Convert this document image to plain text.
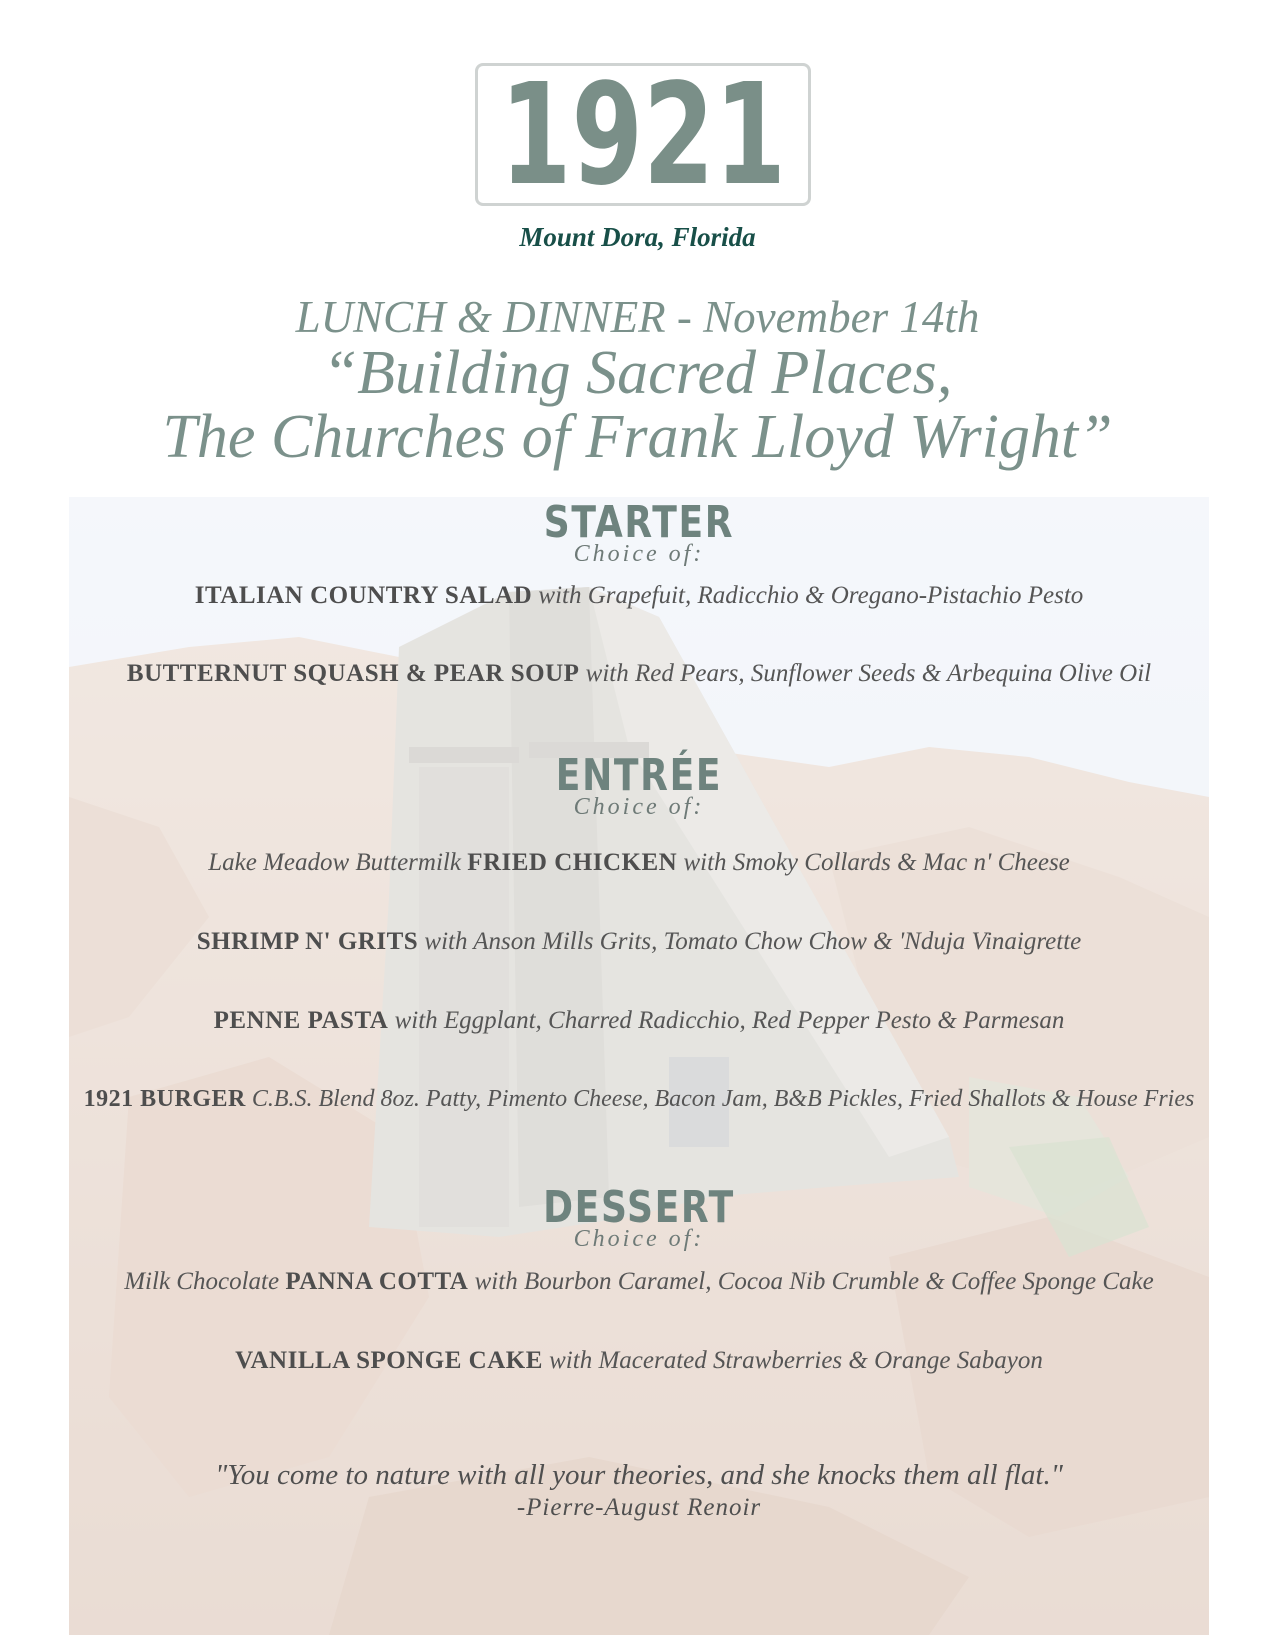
1921
Mount Dora, Florida
LUNCH & DINNER - November 14th
“Building Sacred Places,
The Churches of Frank Lloyd Wright”
STARTER
Choice of:
ITALIAN COUNTRY SALAD with Grapefuit, Radicchio & Oregano-Pistachio Pesto
BUTTERNUT SQUASH & PEAR SOUP with Red Pears, Sunflower Seeds & Arbequina Olive Oil
ENTRÉE
Choice of:
Lake Meadow Buttermilk FRIED CHICKEN with Smoky Collards & Mac n' Cheese
SHRIMP N' GRITS with Anson Mills Grits, Tomato Chow Chow & 'Nduja Vinaigrette
PENNE PASTA with Eggplant, Charred Radicchio, Red Pepper Pesto & Parmesan
1921 BURGER C.B.S. Blend 8oz. Patty, Pimento Cheese, Bacon Jam, B&B Pickles, Fried Shallots & House Fries
DESSERT
Choice of:
Milk Chocolate PANNA COTTA with Bourbon Caramel, Cocoa Nib Crumble & Coffee Sponge Cake
VANILLA SPONGE CAKE with Macerated Strawberries & Orange Sabayon
"You come to nature with all your theories, and she knocks them all flat."
-Pierre-August Renoir
